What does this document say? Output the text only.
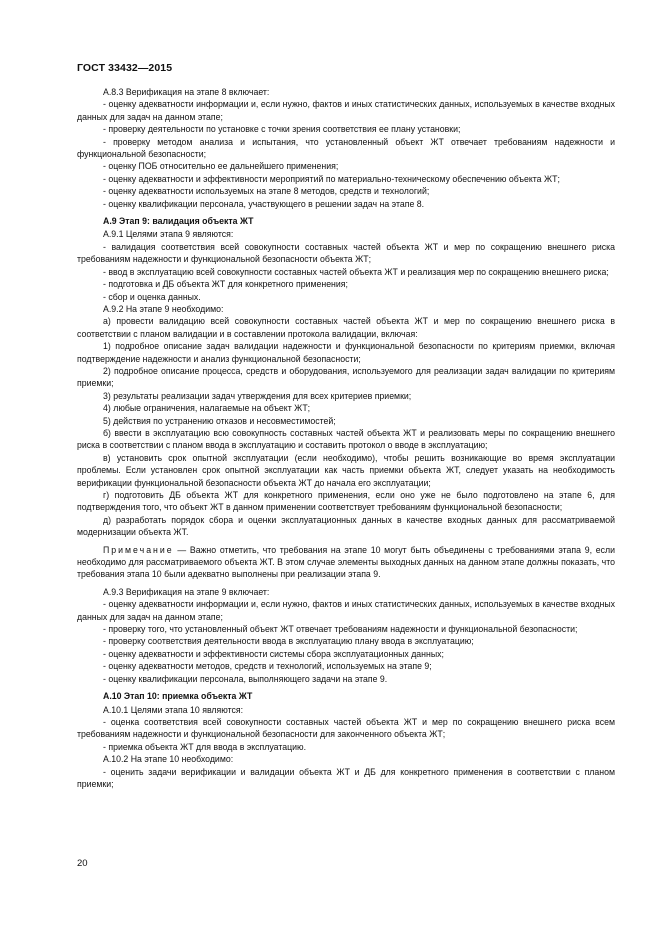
ГОСТ 33432—2015

А.8.3 Верификация на этапе 8 включает:

- оценку адекватности информации и, если нужно, фактов и иных статистических данных, используемых в качестве входных данных для задач на данном этапе;

- проверку деятельности по установке с точки зрения соответствия ее плану установки;

- проверку методом анализа и испытания, что установленный объект ЖТ отвечает требованиям надежности и функциональной безопасности;

- оценку ПОБ относительно ее дальнейшего применения;

- оценку адекватности и эффективности мероприятий по материально-техническому обеспечению объекта ЖТ;

- оценку адекватности используемых на этапе 8 методов, средств и технологий;

- оценку квалификации персонала, участвующего в решении задач на этапе 8.

А.9 Этап 9: валидация объекта ЖТ

А.9.1 Целями этапа 9 являются:

- валидация соответствия всей совокупности составных частей объекта ЖТ и мер по сокращению внешнего риска требованиям надежности и функциональной безопасности объекта ЖТ;

- ввод в эксплуатацию всей совокупности составных частей объекта ЖТ и реализация мер по сокращению внешнего риска;

- подготовка и ДБ объекта ЖТ для конкретного применения;

- сбор и оценка данных.

А.9.2 На этапе 9 необходимо:

а) провести валидацию всей совокупности составных частей объекта ЖТ и мер по сокращению внешнего риска в соответствии с планом валидации и в составлении протокола валидации, включая:

1) подробное описание задач валидации надежности и функциональной безопасности по критериям приемки, включая подтверждение надежности и анализ функциональной безопасности;

2) подробное описание процесса, средств и оборудования, используемого для реализации задач валидации по критериям приемки;

3) результаты реализации задач утверждения для всех критериев приемки;

4) любые ограничения, налагаемые на объект ЖТ;

5) действия по устранению отказов и несовместимостей;

б) ввести в эксплуатацию всю совокупность составных частей объекта ЖТ и реализовать меры по сокращению внешнего риска в соответствии с планом ввода в эксплуатацию и составить протокол о вводе в эксплуатацию;

в) установить срок опытной эксплуатации (если необходимо), чтобы решить возникающие во время эксплуатации проблемы. Если установлен срок опытной эксплуатации как часть приемки объекта ЖТ, следует указать на необходимость верификации функциональной безопасности объекта ЖТ до начала его эксплуатации;

г) подготовить ДБ объекта ЖТ для конкретного применения, если оно уже не было подготовлено на этапе 6, для подтверждения того, что объект ЖТ в данном применении соответствует требованиям функциональной безопасности;

д) разработать порядок сбора и оценки эксплуатационных данных в качестве входных данных для рассматриваемой модернизации объекта ЖТ.

Примечание — Важно отметить, что требования на этапе 10 могут быть объединены с требованиями этапа 9, если необходимо для рассматриваемого объекта ЖТ. В этом случае элементы выходных данных на данном этапе должны показать, что требования этапа 10 были адекватно выполнены при реализации этапа 9.

А.9.3 Верификация на этапе 9 включает:

- оценку адекватности информации и, если нужно, фактов и иных статистических данных, используемых в качестве входных данных для задач на данном этапе;

- проверку того, что установленный объект ЖТ отвечает требованиям надежности и функциональной безопасности;

- проверку соответствия деятельности ввода в эксплуатацию плану ввода в эксплуатацию;

- оценку адекватности и эффективности системы сбора эксплуатационных данных;

- оценку адекватности методов, средств и технологий, используемых на этапе 9;

- оценку квалификации персонала, выполняющего задачи на этапе 9.

А.10 Этап 10: приемка объекта ЖТ

А.10.1 Целями этапа 10 являются:

- оценка соответствия всей совокупности составных частей объекта ЖТ и мер по сокращению внешнего риска всем требованиям надежности и функциональной безопасности для законченного объекта ЖТ;

- приемка объекта ЖТ для ввода в эксплуатацию.

А.10.2 На этапе 10 необходимо:

- оценить задачи верификации и валидации объекта ЖТ и ДБ для конкретного применения в соответствии с планом приемки;

20
